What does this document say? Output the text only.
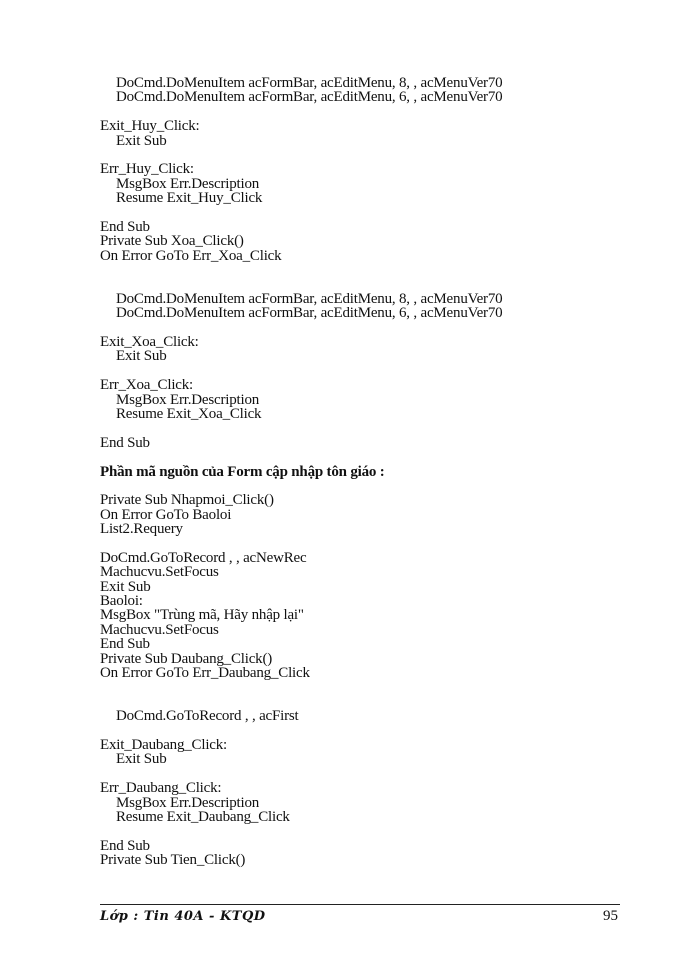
DoCmd.DoMenuItem acFormBar, acEditMenu, 8, , acMenuVer70
DoCmd.DoMenuItem acFormBar, acEditMenu, 6, , acMenuVer70
Exit_Huy_Click:
Exit Sub
Err_Huy_Click:
MsgBox Err.Description
Resume Exit_Huy_Click
End Sub
Private Sub Xoa_Click()
On Error GoTo Err_Xoa_Click
DoCmd.DoMenuItem acFormBar, acEditMenu, 8, , acMenuVer70
DoCmd.DoMenuItem acFormBar, acEditMenu, 6, , acMenuVer70
Exit_Xoa_Click:
Exit Sub
Err_Xoa_Click:
MsgBox Err.Description
Resume Exit_Xoa_Click
End Sub
Phần mã nguồn của Form cập nhập tôn giáo :
Private Sub Nhapmoi_Click()
On Error GoTo Baoloi
List2.Requery
DoCmd.GoToRecord , , acNewRec
Machucvu.SetFocus
Exit Sub
Baoloi:
MsgBox "Trùng mã, Hãy nhập lại"
Machucvu.SetFocus
End Sub
Private Sub Daubang_Click()
On Error GoTo Err_Daubang_Click
DoCmd.GoToRecord , , acFirst
Exit_Daubang_Click:
Exit Sub
Err_Daubang_Click:
MsgBox Err.Description
Resume Exit_Daubang_Click
End Sub
Private Sub Tien_Click()
Lớp : Tin 40A - KTQD	95
